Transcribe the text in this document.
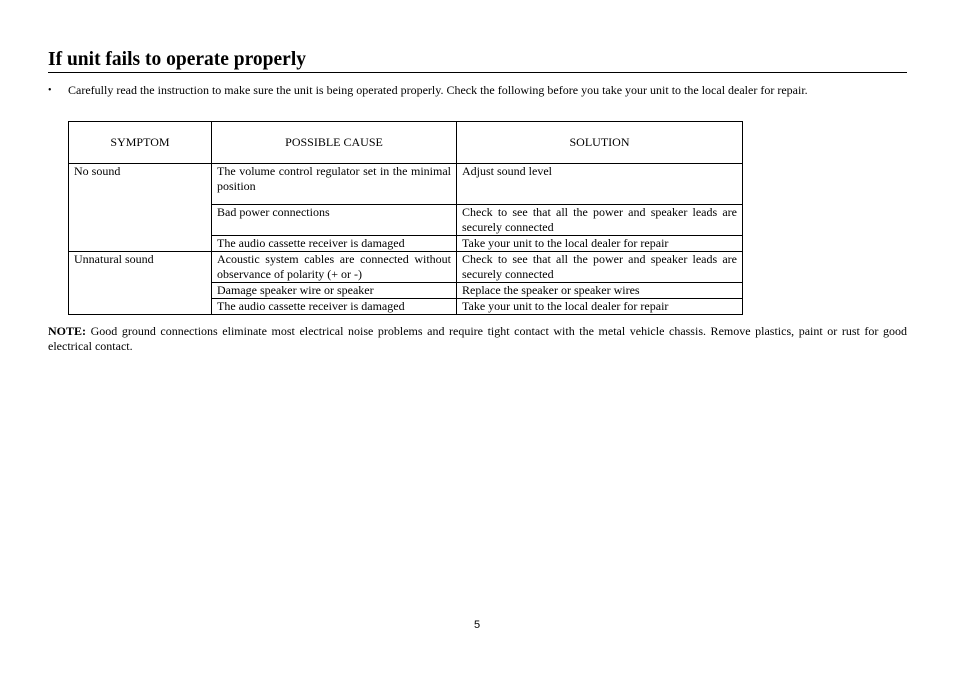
If unit fails to operate properly
•	Carefully read the instruction to make sure the unit is being operated properly. Check the following before you take your unit to the local dealer for repair.
SYMPTOM	POSSIBLE CAUSE	SOLUTION
No sound	The volume control regulator set in the minimal position	Adjust sound level
	Bad power connections	Check to see that all the power and speaker leads are securely connected
	The audio cassette receiver is damaged	Take your unit to the local dealer for repair
Unnatural sound	Acoustic system cables are connected without observance of polarity (+ or -)	Check to see that all the power and speaker leads are securely connected
	Damage speaker wire or speaker	Replace the speaker or speaker wires
	The audio cassette receiver is damaged	Take your unit to the local dealer for repair
NOTE: Good ground connections eliminate most electrical noise problems and require tight contact with the metal vehicle chassis. Remove plastics, paint or rust for good electrical contact.
5
